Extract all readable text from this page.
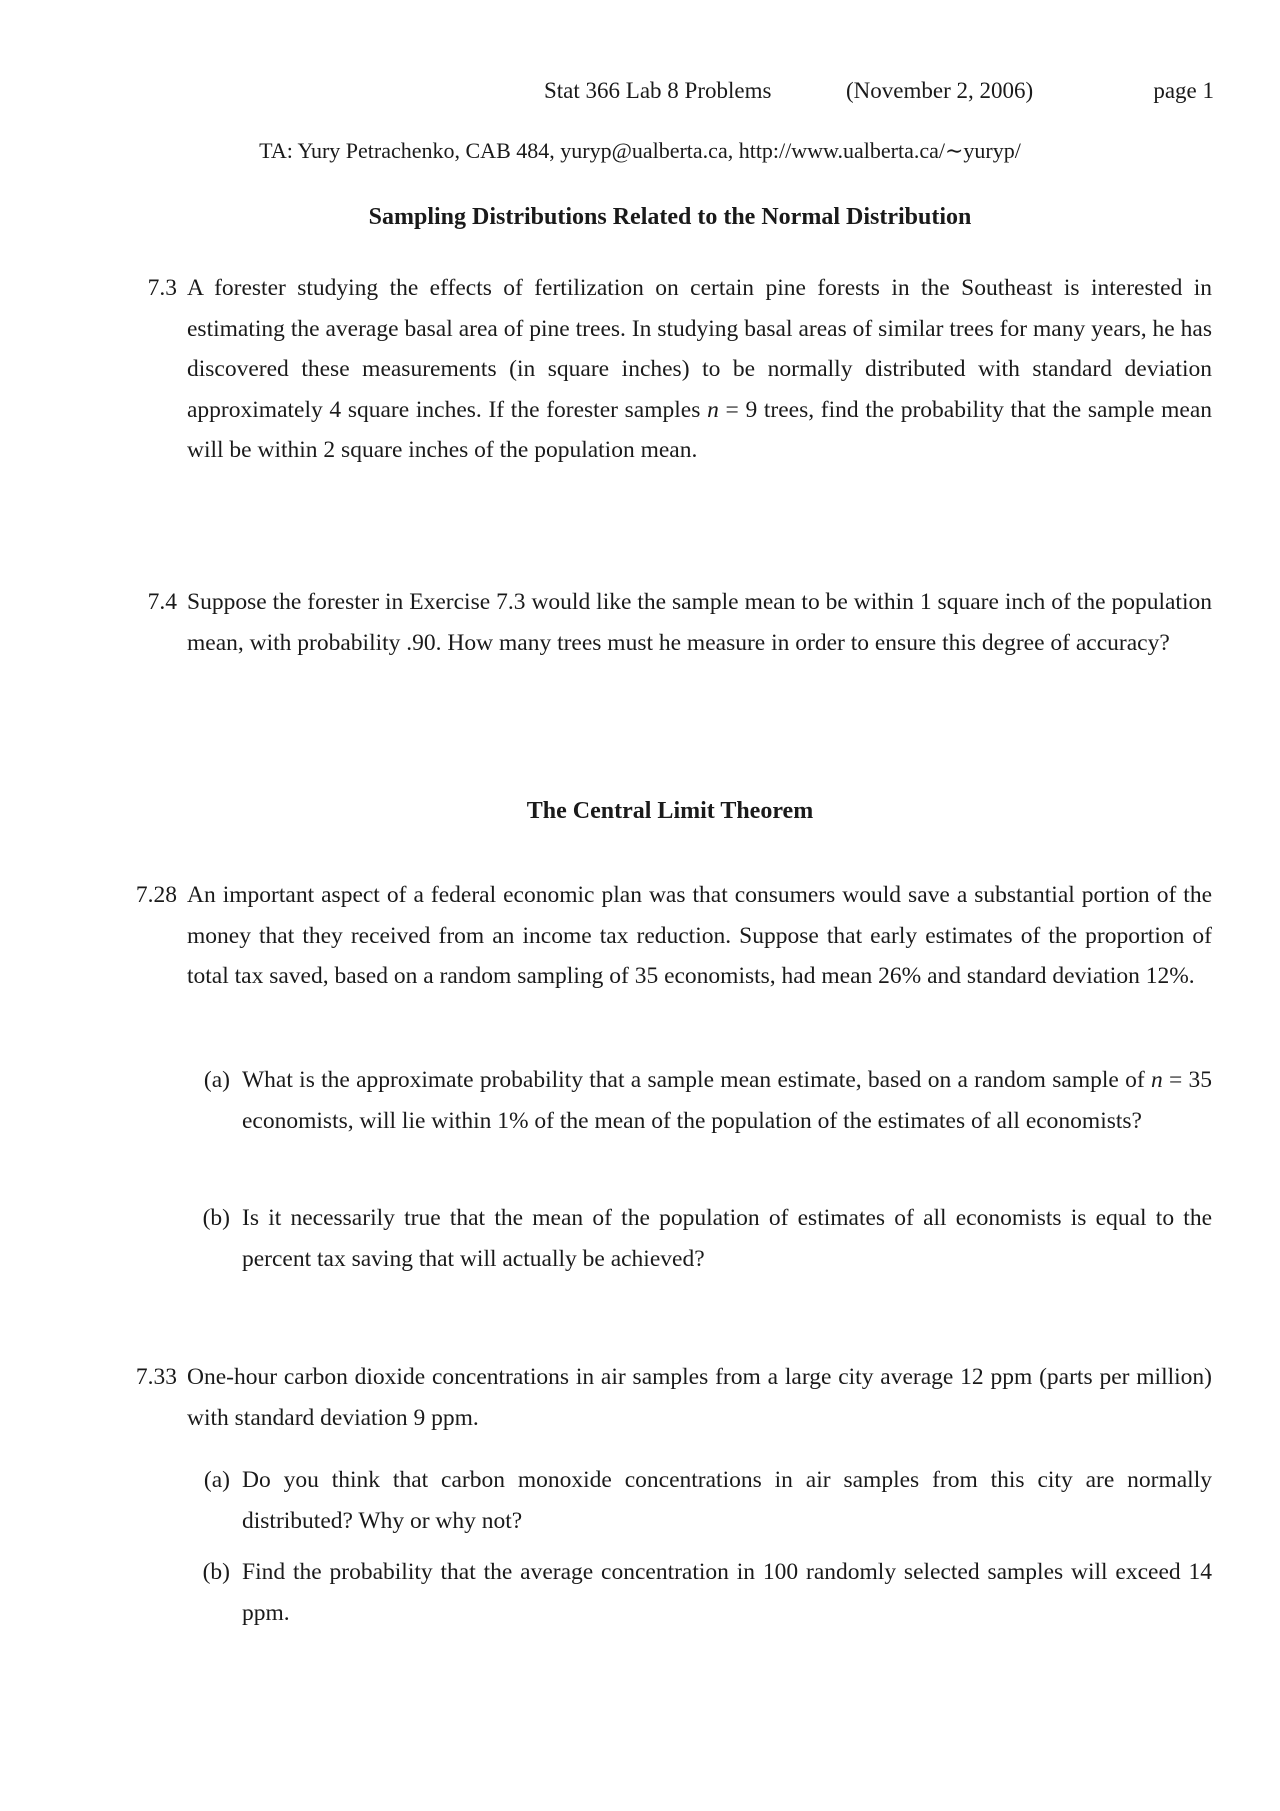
Stat 366 Lab 8 Problems	(November 2, 2006)	page 1
TA: Yury Petrachenko, CAB 484, yuryp@ualberta.ca, http://www.ualberta.ca/∼yuryp/
Sampling Distributions Related to the Normal Distribution
7.3 A forester studying the effects of fertilization on certain pine forests in the Southeast is interested in estimating the average basal area of pine trees. In studying basal areas of similar trees for many years, he has discovered these measurements (in square inches) to be normally distributed with standard deviation approximately 4 square inches. If the forester samples n = 9 trees, find the probability that the sample mean will be within 2 square inches of the population mean.

7.4 Suppose the forester in Exercise 7.3 would like the sample mean to be within 1 square inch of the population mean, with probability .90. How many trees must he measure in order to ensure this degree of accuracy?

The Central Limit Theorem
7.28 An important aspect of a federal economic plan was that consumers would save a substantial portion of the money that they received from an income tax reduction. Suppose that early estimates of the proportion of total tax saved, based on a random sampling of 35 economists, had mean 26% and standard deviation 12%.

(a) What is the approximate probability that a sample mean estimate, based on a random sample of n = 35 economists, will lie within 1% of the mean of the population of the estimates of all economists?

(b) Is it necessarily true that the mean of the population of estimates of all economists is equal to the percent tax saving that will actually be achieved?

7.33 One-hour carbon dioxide concentrations in air samples from a large city average 12 ppm (parts per million) with standard deviation 9 ppm.

(a) Do you think that carbon monoxide concentrations in air samples from this city are normally distributed? Why or why not?

(b) Find the probability that the average concentration in 100 randomly selected samples will exceed 14 ppm.
